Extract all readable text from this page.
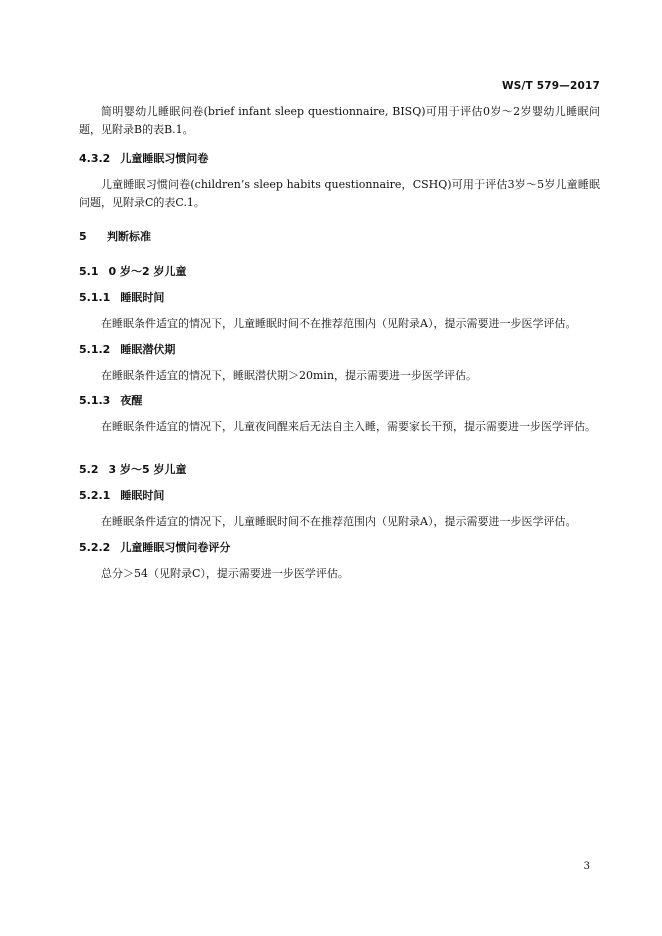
WS/T 579—2017
简明婴幼儿睡眠问卷(brief infant sleep questionnaire, BISQ)可用于评估0岁～2岁婴幼儿睡眠问题，见附录B的表B.1。
4.3.2 儿童睡眠习惯问卷
儿童睡眠习惯问卷(children’s sleep habits questionnaire，CSHQ)可用于评估3岁～5岁儿童睡眠问题，见附录C的表C.1。
5 判断标准
5.1 0 岁～2 岁儿童
5.1.1 睡眠时间
在睡眠条件适宜的情况下，儿童睡眠时间不在推荐范围内（见附录A），提示需要进一步医学评估。
5.1.2 睡眠潜伏期
在睡眠条件适宜的情况下，睡眠潜伏期＞20min，提示需要进一步医学评估。
5.1.3 夜醒
在睡眠条件适宜的情况下，儿童夜间醒来后无法自主入睡，需要家长干预，提示需要进一步医学评估。
5.2 3 岁～5 岁儿童
5.2.1 睡眠时间
在睡眠条件适宜的情况下，儿童睡眠时间不在推荐范围内（见附录A），提示需要进一步医学评估。
5.2.2 儿童睡眠习惯问卷评分
总分＞54（见附录C），提示需要进一步医学评估。
3
